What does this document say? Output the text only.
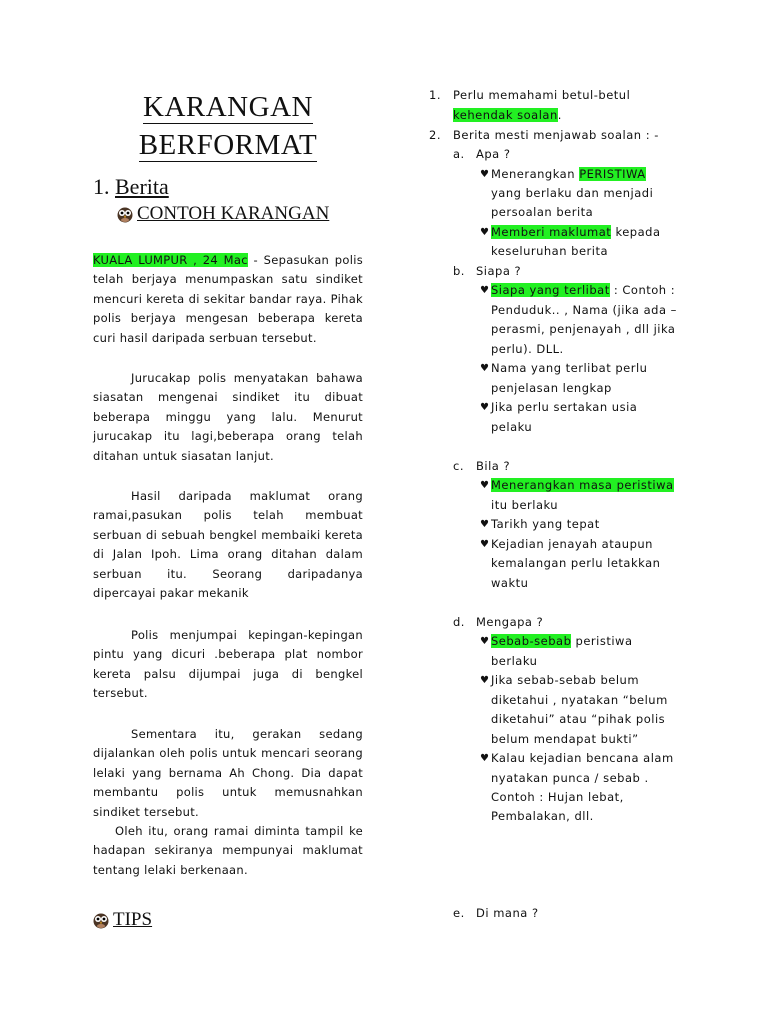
KARANGAN
BERFORMAT
1. Berita
CONTOH KARANGAN
KUALA LUMPUR , 24 Mac - Sepasukan polis telah berjaya menumpaskan satu sindiket mencuri kereta di sekitar bandar raya. Pihak polis berjaya mengesan beberapa kereta curi hasil daripada serbuan tersebut.
Jurucakap polis menyatakan bahawa siasatan mengenai sindiket itu dibuat beberapa minggu yang lalu. Menurut jurucakap itu lagi,beberapa orang telah ditahan untuk siasatan lanjut.
Hasil daripada maklumat orang ramai,pasukan polis telah membuat serbuan di sebuah bengkel membaiki kereta di Jalan Ipoh. Lima orang ditahan dalam serbuan itu. Seorang daripadanya dipercayai pakar mekanik
Polis menjumpai kepingan-kepingan pintu yang dicuri .beberapa plat nombor kereta palsu dijumpai juga di bengkel tersebut.
Sementara itu, gerakan sedang dijalankan oleh polis untuk mencari seorang lelaki yang bernama Ah Chong. Dia dapat membantu polis untuk memusnahkan sindiket tersebut.
Oleh itu, orang ramai diminta tampil ke hadapan sekiranya mempunyai maklumat tentang lelaki berkenaan.
TIPS
1. Perlu memahami betul-betul
kehendak soalan.
2. Berita mesti menjawab soalan : -
a. Apa ?
♥ Menerangkan PERISTIWA
yang berlaku dan menjadi
persoalan berita
♥ Memberi maklumat kepada
keseluruhan berita
b. Siapa ?
♥ Siapa yang terlibat : Contoh :
Penduduk.. , Nama (jika ada –
perasmi, penjenayah , dll jika
perlu). DLL.
♥ Nama yang terlibat perlu
penjelasan lengkap
♥ Jika perlu sertakan usia
pelaku
c. Bila ?
♥ Menerangkan masa peristiwa
itu berlaku
♥ Tarikh yang tepat
♥ Kejadian jenayah ataupun
kemalangan perlu letakkan
waktu
d. Mengapa ?
♥ Sebab-sebab peristiwa
berlaku
♥ Jika sebab-sebab belum
diketahui , nyatakan “belum
diketahui” atau “pihak polis
belum mendapat bukti”
♥ Kalau kejadian bencana alam
nyatakan punca / sebab .
Contoh : Hujan lebat,
Pembalakan, dll.
e. Di mana ?
